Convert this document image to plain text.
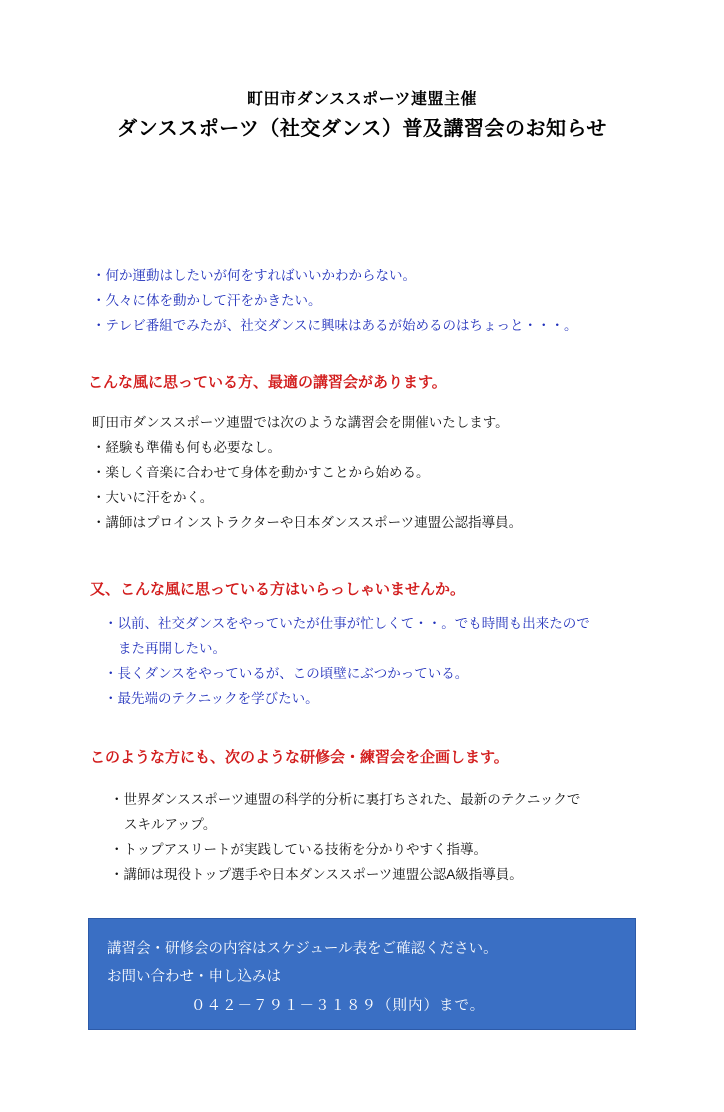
町田市ダンススポーツ連盟主催
ダンススポーツ（社交ダンス）普及講習会のお知らせ
・何か運動はしたいが何をすればいいかわからない。
・久々に体を動かして汗をかきたい。
・テレビ番組でみたが、社交ダンスに興味はあるが始めるのはちょっと・・・。
こんな風に思っている方、最適の講習会があります。
町田市ダンススポーツ連盟では次のような講習会を開催いたします。
・経験も準備も何も必要なし。
・楽しく音楽に合わせて身体を動かすことから始める。
・大いに汗をかく。
・講師はプロインストラクターや日本ダンススポーツ連盟公認指導員。
又、こんな風に思っている方はいらっしゃいませんか。
・以前、社交ダンスをやっていたが仕事が忙しくて・・。でも時間も出来たので
また再開したい。
・長くダンスをやっているが、この頃壁にぶつかっている。
・最先端のテクニックを学びたい。
このような方にも、次のような研修会・練習会を企画します。
・世界ダンススポーツ連盟の科学的分析に裏打ちされた、最新のテクニックで
スキルアップ。
・トップアスリートが実践している技術を分かりやすく指導。
・講師は現役トップ選手や日本ダンススポーツ連盟公認A級指導員。
講習会・研修会の内容はスケジュール表をご確認ください。
お問い合わせ・申し込みは
０４２－７９１－３１８９（則内）まで。
